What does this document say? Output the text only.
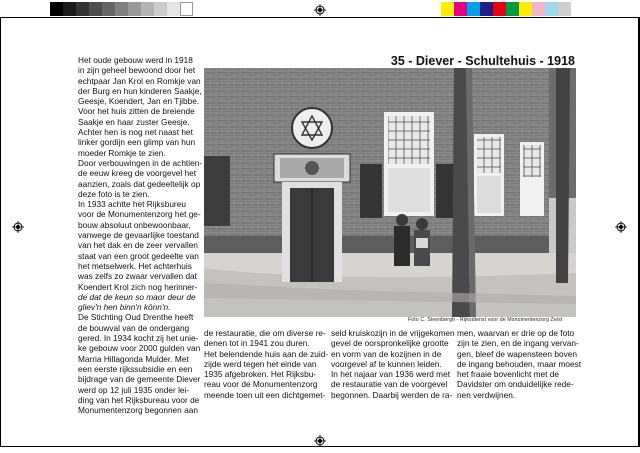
35 - Diever - Schultehuis - 1918
Het oude gebouw werd in 1918
in zijn geheel bewoond door het
echtpaar Jan Krol en Romkje van
der Burg en hun kinderen Saakje,
Geesje, Koendert, Jan en Tjibbe.
Voor het huis zitten de breiende
Saakje en haar zuster Geesje.
Achter hen is nog net naast het
linker gordijn een glimp van hun
moeder Romkje te zien.
Door verbouwingen in de achtien-
de eeuw kreeg de voorgevel het
aanzien, zoals dat gedeeltelijk op
deze foto is te zien.
In 1933 achtte het Rijksbureu
voor de Monumentenzorg het ge-
bouw absoluut onbewoonbaar,
vanwege de gevaarlijke toestand
van het dak en de zeer vervallen
staat van een groot gedeelte van
het metselwerk. Het achterhuis
was zelfs zo zwaar vervallen dat
Koendert Krol zich nog herinner-
de dat de keun so maor deur de
gliev'n hen binn'n könn'n.
De Stichting Oud Drenthe heeft
de bouwval van de ondergang
gered. In 1934 kocht zij het unie-
ke gebouw voor 2000 gulden van
Marria Hillagonda Mulder. Met
een eerste rijkssubsidie en een
bijdrage van de gemeente Diever
werd op 12 juli 1935 onder lei-
ding van het Rijksbureau voor de
Monumentenzorg begonnen aan
Foto C. Steenbergh - Rijksdienst voor de Monumentenzorg Zeist
de restauratie, die om diverse re-
denen tot in 1941 zou duren.
Het belendende huis aan de zuid-
zijde werd tegen het einde van
1935 afgebroken. Het Rijksbu-
reau voor de Monumentenzorg
meende toen uit een dichtgemet-
seld kruiskozijn in de vrijgekomen
gevel de oorspronkelijke grootte
en vorm van de kozijnen in de
voorgevel af te kunnen leiden.
In het najaar van 1936 werd met
de restauratie van de voorgevel
begonnen. Daarbij werden de ra-
men, waarvan er drie op de foto
zijn te zien, en de ingang vervan-
gen, bleef de wapensteen boven
de ingang behouden, maar moest
het fraaie bovenlicht met de
Davidster om onduidelijke rede-
nen verdwijnen.
